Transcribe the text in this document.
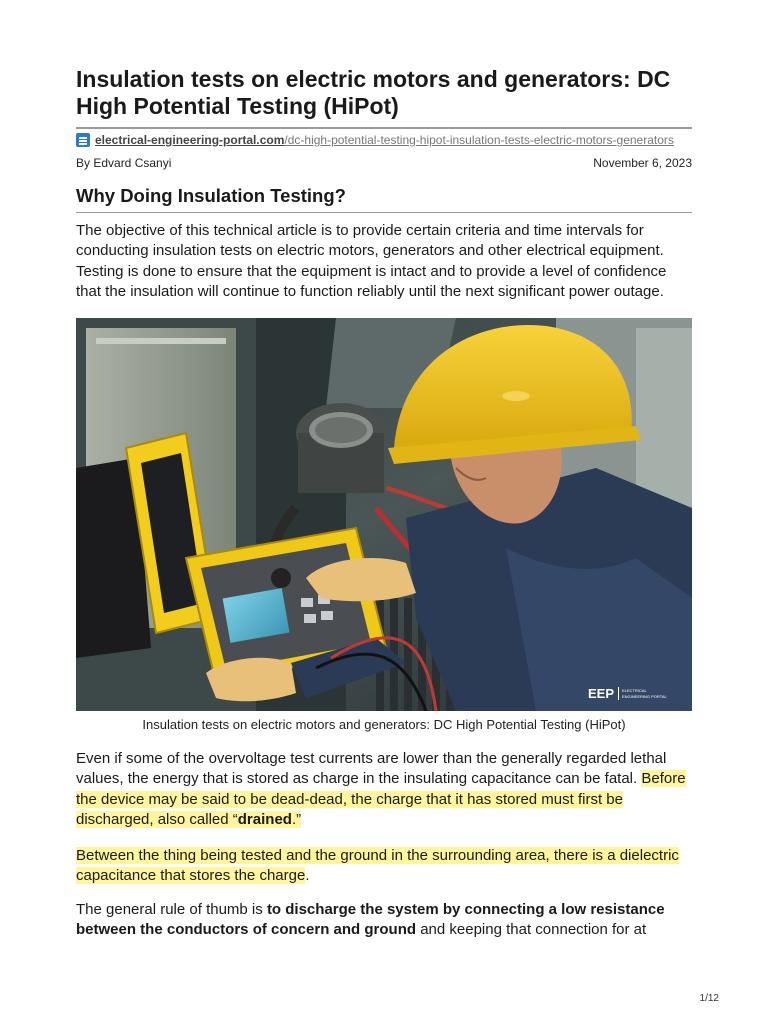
Insulation tests on electric motors and generators: DC High Potential Testing (HiPot)
electrical-engineering-portal.com /dc-high-potential-testing-hipot-insulation-tests-electric-motors-generators
By Edvard Csanyi	November 6, 2023
Why Doing Insulation Testing?

The objective of this technical article is to provide certain criteria and time intervals for conducting insulation tests on electric motors, generators and other electrical equipment. Testing is done to ensure that the equipment is intact and to provide a level of confidence that the insulation will continue to function reliably until the next significant power outage.

EEP ELECTRICAL
ENGINEERING PORTAL
Insulation tests on electric motors and generators: DC High Potential Testing (HiPot)

Even if some of the overvoltage test currents are lower than the generally regarded lethal values, the energy that is stored as charge in the insulating capacitance can be fatal. Before the device may be said to be dead-dead, the charge that it has stored must first be discharged, also called “drained.”

Between the thing being tested and the ground in the surrounding area, there is a dielectric capacitance that stores the charge.

The general rule of thumb is to discharge the system by connecting a low resistance between the conductors of concern and ground and keeping that connection for at

1/12
